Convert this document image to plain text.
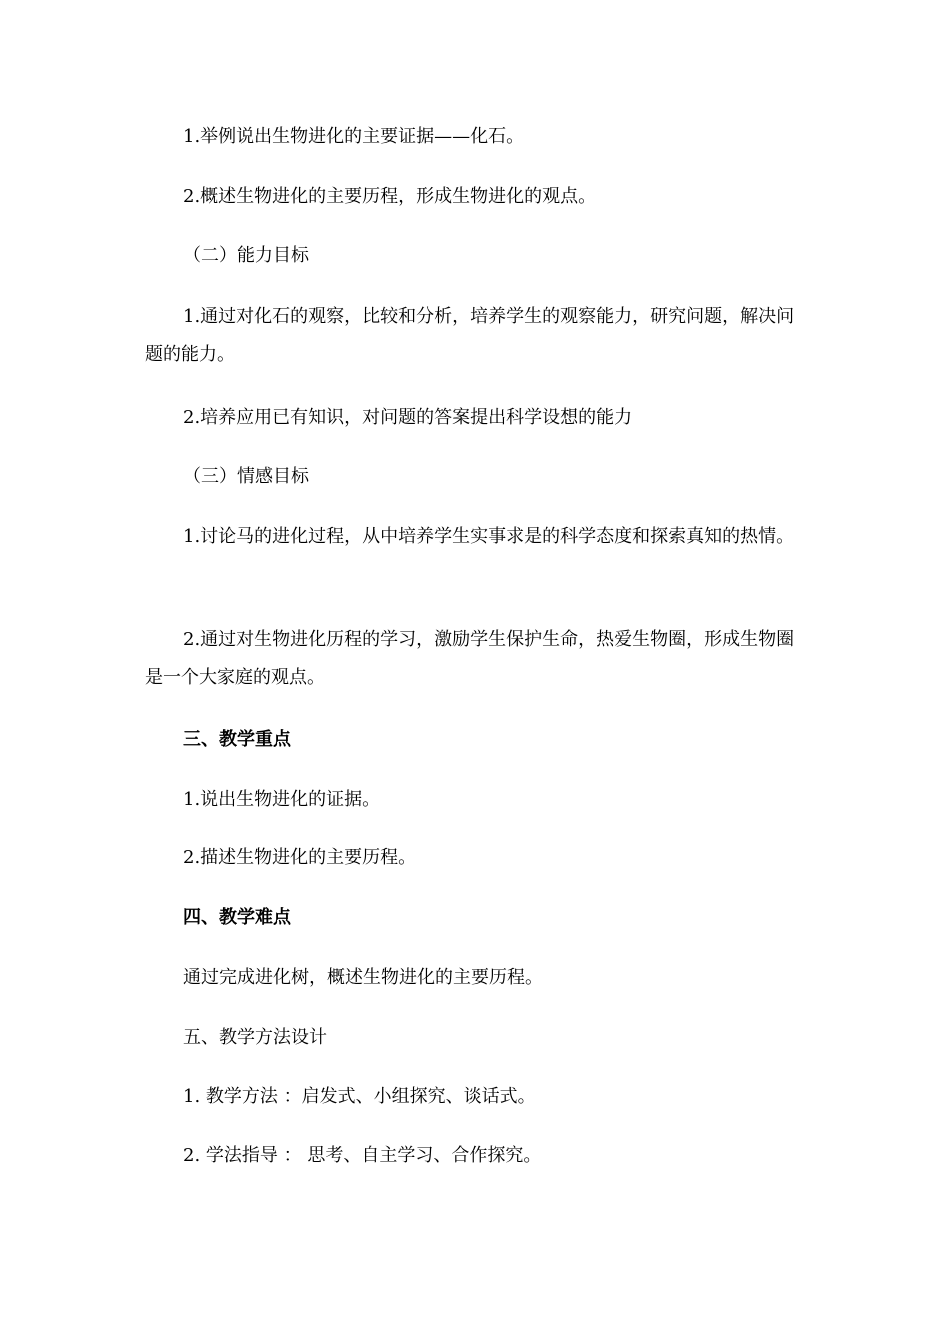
1.举例说出生物进化的主要证据——化石。
2.概述生物进化的主要历程，形成生物进化的观点。
（二）能力目标
1.通过对化石的观察，比较和分析，培养学生的观察能力，研究问题，解决问题的能力。
2.培养应用已有知识，对问题的答案提出科学设想的能力
（三）情感目标
1.讨论马的进化过程，从中培养学生实事求是的科学态度和探索真知的热情。
2.通过对生物进化历程的学习，激励学生保护生命，热爱生物圈，形成生物圈是一个大家庭的观点。
三、教学重点
1.说出生物进化的证据。
2.描述生物进化的主要历程。
四、教学难点
通过完成进化树，概述生物进化的主要历程。
五、教学方法设计
1. 教学方法 ：启发式、小组探究、谈话式。
2. 学法指导 ： 思考、自主学习、合作探究。
